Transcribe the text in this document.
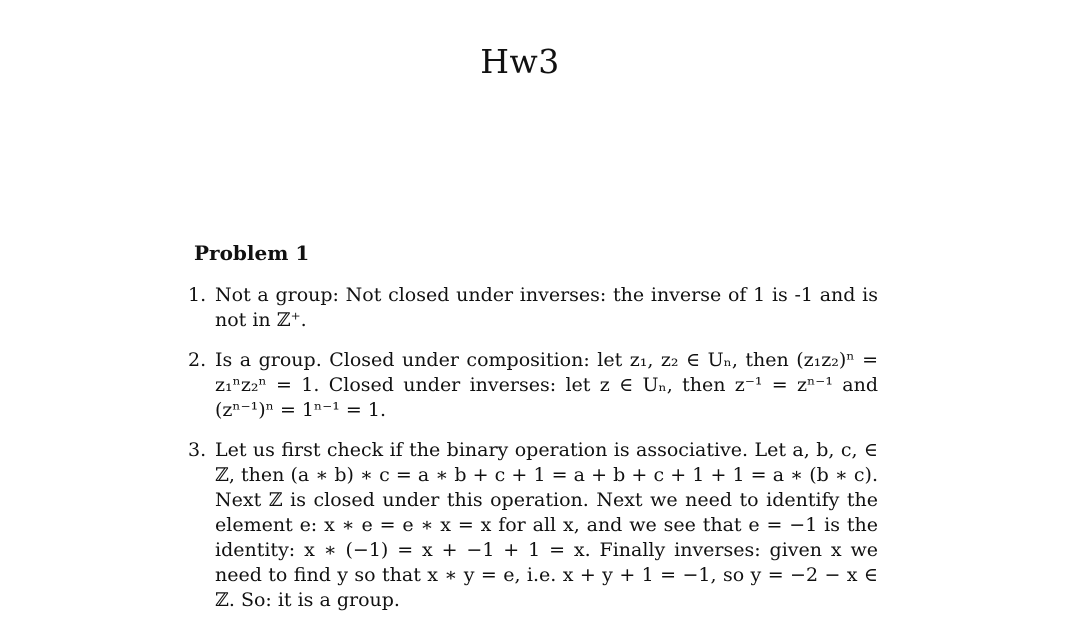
Hw3
Problem 1
1. Not a group: Not closed under inverses: the inverse of 1 is -1 and is not in ℤ⁺.
2. Is a group. Closed under composition: let z₁, z₂ ∈ Uₙ, then (z₁z₂)ⁿ = z₁ⁿz₂ⁿ = 1. Closed under inverses: let z ∈ Uₙ, then z⁻¹ = zⁿ⁻¹ and (zⁿ⁻¹)ⁿ = 1ⁿ⁻¹ = 1.
3. Let us first check if the binary operation is associative. Let a, b, c, ∈ ℤ, then (a ∗ b) ∗ c = a ∗ b + c + 1 = a + b + c + 1 + 1 = a ∗ (b ∗ c). Next ℤ is closed under this operation. Next we need to identify the element e: x ∗ e = e ∗ x = x for all x, and we see that e = −1 is the identity: x ∗ (−1) = x + −1 + 1 = x. Finally inverses: given x we need to find y so that x ∗ y = e, i.e. x + y + 1 = −1, so y = −2 − x ∈ ℤ. So: it is a group.
